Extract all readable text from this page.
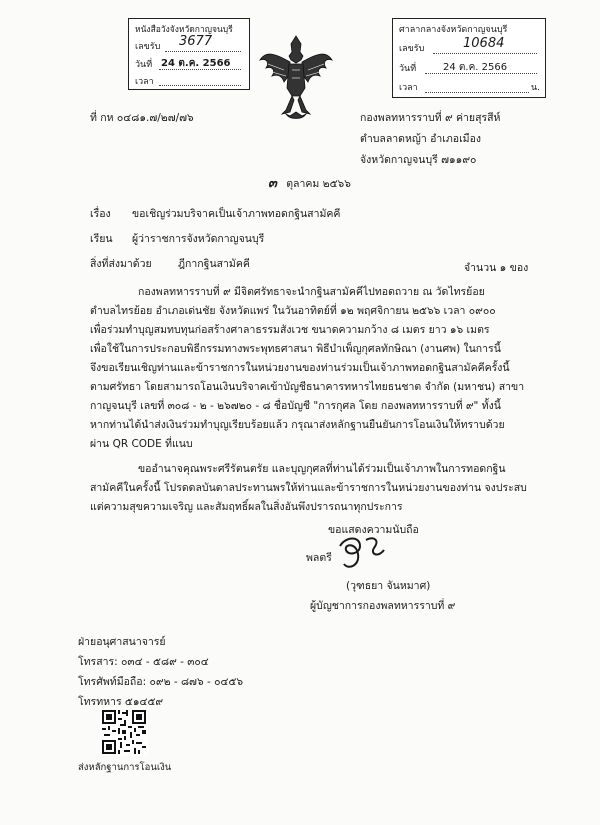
หนังสือวังจังหวัดกาญจนบุรี
เลขรับ 3677
วันที่ 24 ต.ค. 2566
เวลา
ศาลากลางจังหวัดกาญจนบุรี
เลขรับ	10684
วันที่	24 ต.ค. 2566
เวลา	น.
ที่ กห ๐๔๘๑.๗/๒๗/๗๖	กองพลทหารราบที่ ๙ ค่ายสุรสีห์
ตำบลลาดหญ้า อำเภอเมือง
จังหวัดกาญจนบุรี ๗๑๑๙๐
๓ ตุลาคม ๒๕๖๖
เรื่อง ขอเชิญร่วมบริจาคเป็นเจ้าภาพทอดกฐินสามัคคี
เรียน ผู้ว่าราชการจังหวัดกาญจนบุรี
สิ่งที่ส่งมาด้วย	ฎีกากฐินสามัคคี	จำนวน ๑ ของ
กองพลทหารราบที่ ๙ มีจิตศรัทธาจะนำกฐินสามัคคีไปทอดถวาย ณ วัดไทรย้อย
ตำบลไทรย้อย อำเภอเด่นชัย จังหวัดแพร่ ในวันอาทิตย์ที่ ๑๒ พฤศจิกายน ๒๕๖๖ เวลา ๐๙๐๐
เพื่อร่วมทำบุญสมทบทุนก่อสร้างศาลาธรรมสังเวช ขนาดความกว้าง ๘ เมตร ยาว ๑๖ เมตร
เพื่อใช้ในการประกอบพิธีกรรมทางพระพุทธศาสนา พิธีบำเพ็ญกุศลทักษิณา (งานศพ) ในการนี้
จึงขอเรียนเชิญท่านและข้าราชการในหน่วยงานของท่านร่วมเป็นเจ้าภาพทอดกฐินสามัคคีครั้งนี้
ตามศรัทธา โดยสามารถโอนเงินบริจาคเข้าบัญชีธนาคารทหารไทยธนชาต จำกัด (มหาชน) สาขา
กาญจนบุรี เลขที่ ๓๐๘ - ๒ - ๒๖๗๒๐ - ๘ ชื่อบัญชี "การกุศล โดย กองพลทหารราบที่ ๙" ทั้งนี้
หากท่านได้นำส่งเงินร่วมทำบุญเรียบร้อยแล้ว กรุณาส่งหลักฐานยืนยันการโอนเงินให้ทราบด้วย
ผ่าน QR CODE ที่แนบ
ขออำนาจคุณพระศรีรัตนตรัย และบุญกุศลที่ท่านได้ร่วมเป็นเจ้าภาพในการทอดกฐิน
สามัคคีในครั้งนี้ โปรดดลบันดาลประทานพรให้ท่านและข้าราชการในหน่วยงานของท่าน จงประสบ
แต่ความสุขความเจริญ และสัมฤทธิ์ผลในสิ่งอันพึงปรารถนาทุกประการ
ขอแสดงความนับถือ
พลตรี
(วุฑธยา จันหมาศ)
ผู้บัญชาการกองพลทหารราบที่ ๙
ฝ่ายอนุศาสนาจารย์
โทรสาร: ๐๓๔ - ๕๘๙ - ๓๐๔
โทรศัพท์มือถือ: ๐๙๒ - ๘๗๖ - ๐๔๕๖
โทรทหาร ๕๑๔๕๙
ส่งหลักฐานการโอนเงิน
